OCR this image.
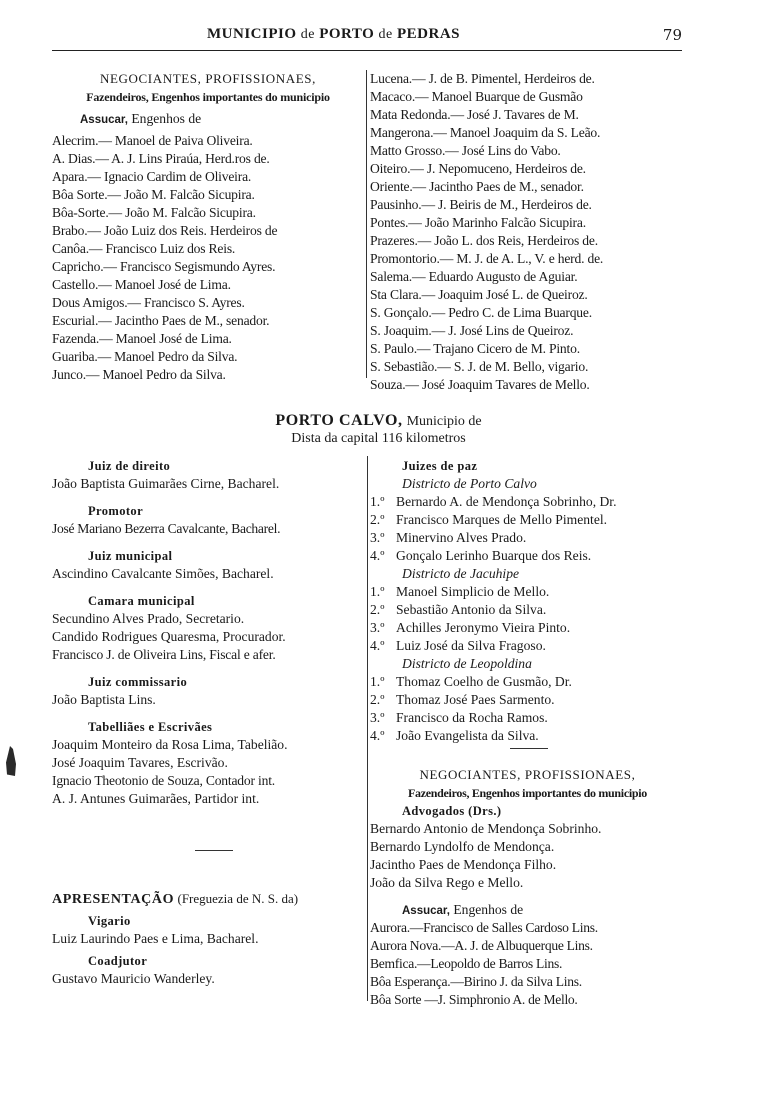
MUNICIPIO de PORTO de PEDRAS	79
NEGOCIANTES, PROFISSIONAES,
Fazendeiros, Engenhos importantes do municipio
Assucar, Engenhos de
Alecrim.— Manoel de Paiva Oliveira.
A. Dias.— A. J. Lins Piraúa, Herd.ros de.
Apara.— Ignacio Cardim de Oliveira.
Bôa Sorte.— João M. Falcão Sicupira.
Bôa-Sorte.— João M. Falcão Sicupira.
Brabo.— João Luiz dos Reis. Herdeiros de
Canôa.— Francisco Luiz dos Reis.
Capricho.— Francisco Segismundo Ayres.
Castello.— Manoel José de Lima.
Dous Amigos.— Francisco S. Ayres.
Escurial.— Jacintho Paes de M., senador.
Fazenda.— Manoel José de Lima.
Guariba.— Manoel Pedro da Silva.
Junco.— Manoel Pedro da Silva.
Lucena.— J. de B. Pimentel, Herdeiros de.
Macaco.— Manoel Buarque de Gusmão
Mata Redonda.— José J. Tavares de M.
Mangerona.— Manoel Joaquim da S. Leão.
Matto Grosso.— José Lins do Vabo.
Oiteiro.— J. Nepomuceno, Herdeiros de.
Oriente.— Jacintho Paes de M., senador.
Pausinho.— J. Beiris de M., Herdeiros de.
Pontes.— João Marinho Falcão Sicupira.
Prazeres.— João L. dos Reis, Herdeiros de.
Promontorio.— M. J. de A. L., V. e herd. de.
Salema.— Eduardo Augusto de Aguiar.
Sta Clara.— Joaquim José L. de Queiroz.
S. Gonçalo.— Pedro C. de Lima Buarque.
S. Joaquim.— J. José Lins de Queiroz.
S. Paulo.— Trajano Cicero de M. Pinto.
S. Sebastião.— S. J. de M. Bello, vigario.
Souza.— José Joaquim Tavares de Mello.
PORTO CALVO, Municipio de
Dista da capital 116 kilometros
Juiz de direito
João Baptista Guimarães Cirne, Bacharel.
Promotor
José Mariano Bezerra Cavalcante, Bacharel.
Juiz municipal
Ascindino Cavalcante Simões, Bacharel.
Camara municipal
Secundino Alves Prado, Secretario.
Candido Rodrigues Quaresma, Procurador.
Francisco J. de Oliveira Lins, Fiscal e afer.
Juiz commissario
João Baptista Lins.
Tabelliães e Escrivães
Joaquim Monteiro da Rosa Lima, Tabelião.
José Joaquim Tavares, Escrivão.
Ignacio Theotonio de Souza, Contador int.
A. J. Antunes Guimarães, Partidor int.
APRESENTAÇÃO (Freguezia de N. S. da)
Vigario
Luiz Laurindo Paes e Lima, Bacharel.
Coadjutor
Gustavo Mauricio Wanderley.
Juizes de paz
Districto de Porto Calvo
1.º Bernardo A. de Mendonça Sobrinho, Dr.
2.º Francisco Marques de Mello Pimentel.
3.º Minervino Alves Prado.
4.º Gonçalo Lerinho Buarque dos Reis.
Districto de Jacuhipe
1.º Manoel Simplicio de Mello.
2.º Sebastião Antonio da Silva.
3.º Achilles Jeronymo Vieira Pinto.
4.º Luiz José da Silva Fragoso.
Districto de Leopoldina
1.º Thomaz Coelho de Gusmão, Dr.
2.º Thomaz José Paes Sarmento.
3.º Francisco da Rocha Ramos.
4.º João Evangelista da Silva.
NEGOCIANTES, PROFISSIONAES,
Fazendeiros, Engenhos importantes do municipio
Advogados (Drs.)
Bernardo Antonio de Mendonça Sobrinho.
Bernardo Lyndolfo de Mendonça.
Jacintho Paes de Mendonça Filho.
João da Silva Rego e Mello.
Assucar, Engenhos de
Aurora.—Francisco de Salles Cardoso Lins.
Aurora Nova.—A. J. de Albuquerque Lins.
Bemfica.—Leopoldo de Barros Lins.
Bôa Esperança.—Birino J. da Silva Lins.
Bôa Sorte —J. Simphronio A. de Mello.
